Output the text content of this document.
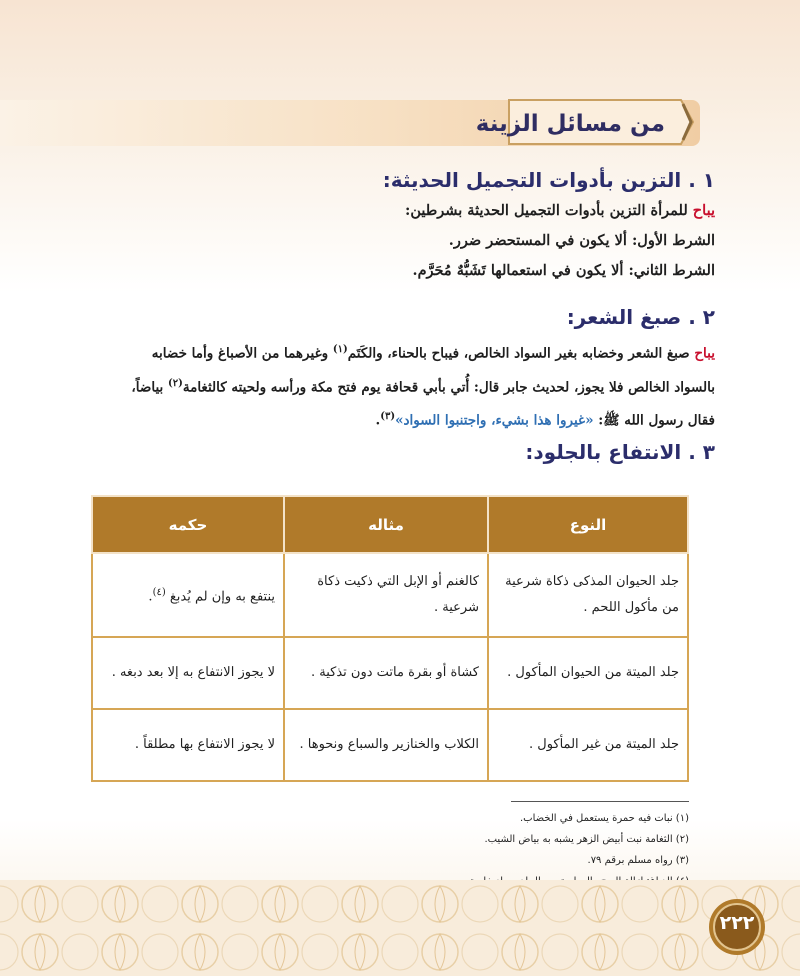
من مسائل الزينة
١ . التزين بأدوات التجميل الحديثة:
يباح للمرأة التزين بأدوات التجميل الحديثة بشرطين:
الشرط الأول: ألا يكون في المستحضر ضرر.
الشرط الثاني: ألا يكون في استعمالها تَشَبُّهٌ مُحَرَّم.
٢ . صبغ الشعر:
يباح صبغ الشعر وخضابه بغير السواد الخالص، فيباح بالحناء، والكَتَم$^{(١)}$ وغيرهما من الأصباغ وأما خضابه
بالسواد الخالص فلا يجوز، لحديث جابر قال: أُتي بأبي قحافة يوم فتح مكة ورأسه ولحيته كالثغامة$^{(٢)}$ بياضاً،
فقال رسول الله ﷺ: «غيروا هذا بشيء، واجتنبوا السواد»$^{(٣)}$.
٣ . الانتفاع بالجلود:
النوع	مثاله	حكمه
جلد الحيوان المذكى ذكاة شرعية من مأكول اللحم .	كالغنم أو الإبل التي ذكيت ذكاة شرعية .	ينتفع به وإن لم يُدبغ $^{(٤)}$.
جلد الميتة من الحيوان المأكول .	كشاة أو بقرة ماتت دون تذكية .	لا يجوز الانتفاع به إلا بعد دبغه .
جلد الميتة من غير المأكول .	الكلاب والخنازير والسباع ونحوها .	لا يجوز الانتفاع بها مطلقاً .
(١) نبات فيه حمرة يستعمل في الخضاب.
(٢) الثغامة نبت أبيض الزهر يشبه به بياض الشيب.
(٣) رواه مسلم برقم ٧٩.
٢٢٢
